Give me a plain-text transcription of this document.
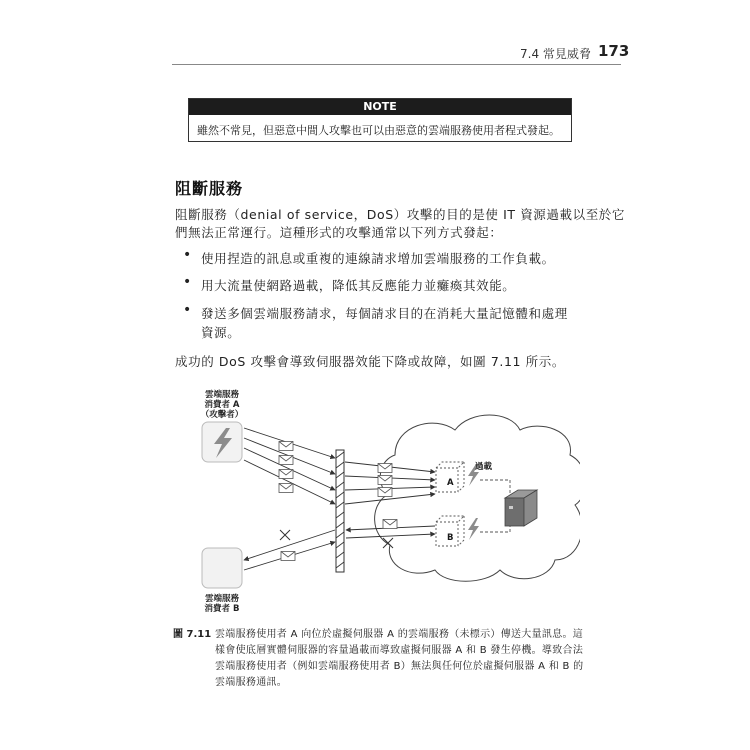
7.4 常見威脅 173
NOTE
雖然不常見，但惡意中間人攻擊也可以由惡意的雲端服務使用者程式發起。
阻斷服務
阻斷服務（denial of service，DoS）攻擊的目的是使 IT 資源過載以至於它
們無法正常運行。這種形式的攻擊通常以下列方式發起：
• 使用捏造的訊息或重複的連線請求增加雲端服務的工作負載。
• 用大流量使網路過載，降低其反應能力並癱瘓其效能。
• 發送多個雲端服務請求，每個請求目的在消耗大量記憶體和處理
資源。
成功的 DoS 攻擊會導致伺服器效能下降或故障，如圖 7.11 所示。
雲端服務
消費者 A
（攻擊者）
雲端服務
消費者 B
過載
A
B
圖 7.11 雲端服務使用者 A 向位於虛擬伺服器 A 的雲端服務（未標示）傳送大量訊息。這
樣會使底層實體伺服器的容量過載而導致虛擬伺服器 A 和 B 發生停機。導致合法
雲端服務使用者（例如雲端服務使用者 B）無法與任何位於虛擬伺服器 A 和 B 的
雲端服務通訊。
